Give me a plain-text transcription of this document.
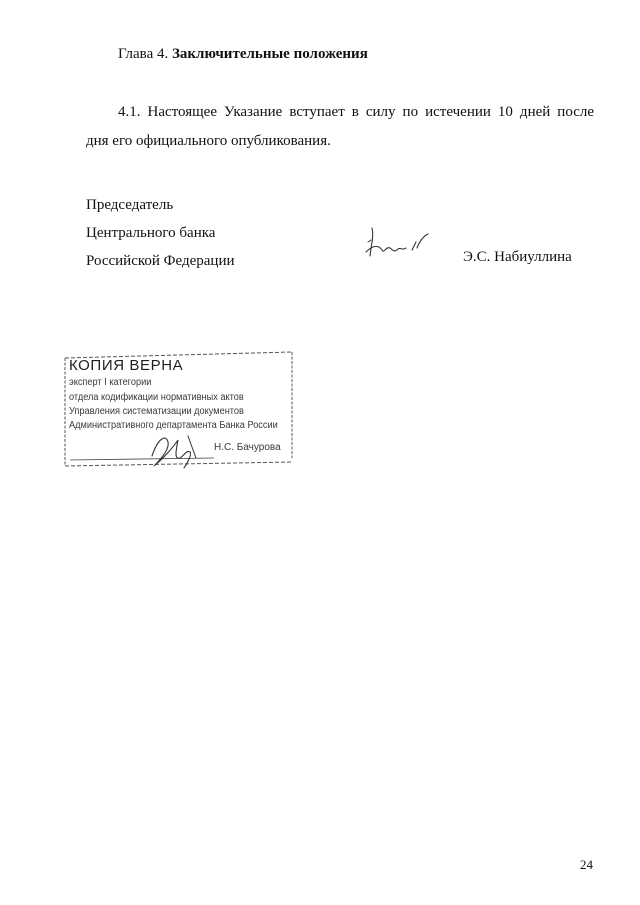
Глава 4. Заключительные положения
4.1. Настоящее Указание вступает в силу по истечении 10 дней после
дня его официального опубликования.
Председатель
Центрального банка
Российской Федерации	Э.С. Набиуллина
КОПИЯ ВЕРНА
эксперт I категории
отдела кодификации нормативных актов
Управления систематизации документов
Административного департамента Банка России
Н.С. Бачурова
24
